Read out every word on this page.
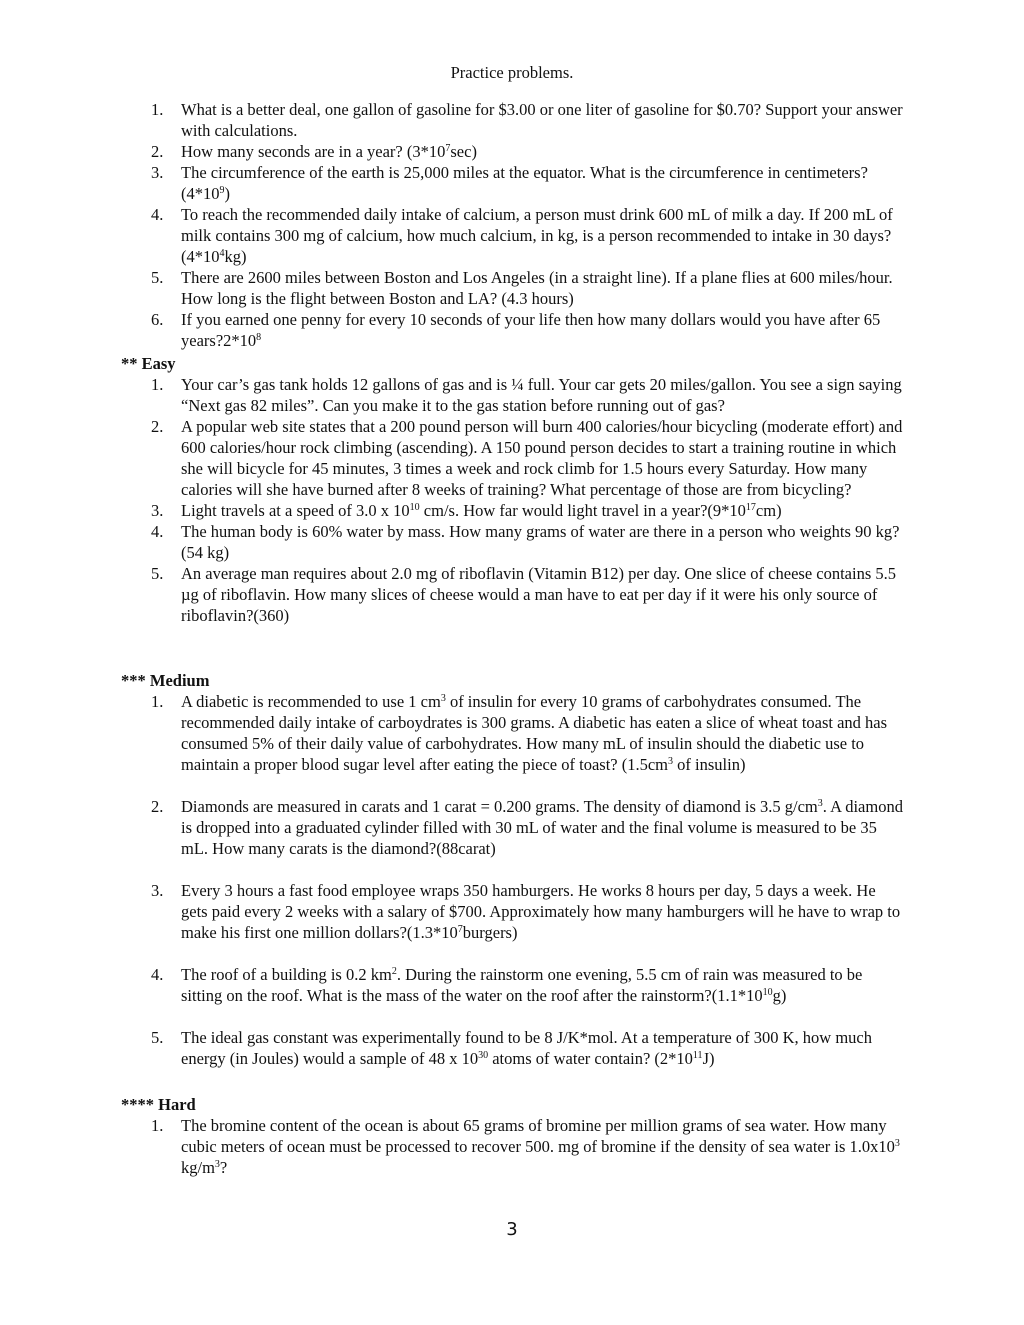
Practice problems.
1. What is a better deal, one gallon of gasoline for $3.00 or one liter of gasoline for $0.70? Support your answer with calculations.
2. How many seconds are in a year? $(3*10^7\sec)$
3. The circumference of the earth is 25,000 miles at the equator. What is the circumference in centimeters? $(4*10^9)$
4. To reach the recommended daily intake of calcium, a person must drink 600 mL of milk a day. If 200 mL of milk contains 300 mg of calcium, how much calcium, in kg, is a person recommended to intake in 30 days? $(4*10^4kg)$
5. There are 2600 miles between Boston and Los Angeles (in a straight line). If a plane flies at 600 miles/hour. How long is the flight between Boston and LA? (4.3 hours)
6. If you earned one penny for every 10 seconds of your life then how many dollars would you have after 65 $years?2*10^8$
** Easy
1. Your car’s gas tank holds 12 gallons of gas and is ¼ full. Your car gets 20 miles/gallon. You see a sign saying “Next gas 82 miles”. Can you make it to the gas station before running out of gas?
2. A popular web site states that a 200 pound person will burn 400 calories/hour bicycling (moderate effort) and 600 calories/hour rock climbing (ascending). A 150 pound person decides to start a training routine in which she will bicycle for 45 minutes, 3 times a week and rock climb for 1.5 hours every Saturday. How many calories will she have burned after 8 weeks of training? What percentage of those are from bicycling?
3. Light travels at a speed of 3.0 x $10^{10}$ cm/s. How far would light travel in a $year?(9*10^{17}cm)$
4. The human body is 60% water by mass. How many grams of water are there in a person who weights 90 kg? (54 kg)
5. An average man requires about 2.0 mg of riboflavin (Vitamin B12) per day. One slice of cheese contains 5.5 µg of riboflavin. How many slices of cheese would a man have to eat per day if it were his only source of riboflavin?(360)
*** Medium
1. A diabetic is recommended to use 1 $cm^3$ of insulin for every 10 grams of carbohydrates consumed. The recommended daily intake of carboydrates is 300 grams. A diabetic has eaten a slice of wheat toast and has consumed 5% of their daily value of carbohydrates. How many mL of insulin should the diabetic use to maintain a proper blood sugar level after eating the piece of toast? ($1.5cm^3$ of insulin)
2. Diamonds are measured in carats and 1 carat = 0.200 grams. The density of diamond is 3.5 $g/cm^3$. A diamond is dropped into a graduated cylinder filled with 30 mL of water and the final volume is measured to be 35 mL. How many carats is the diamond?(88carat)
3. Every 3 hours a fast food employee wraps 350 hamburgers. He works 8 hours per day, 5 days a week. He gets paid every 2 weeks with a salary of $700. Approximately how many hamburgers will he have to wrap to make his first one million $dollars?(1.3*10^7burgers)$
4. The roof of a building is 0.2 $km^2$. During the rainstorm one evening, 5.5 cm of rain was measured to be sitting on the roof. What is the mass of the water on the roof after the $rainstorm?(1.1*10^{10}g)$
5. The ideal gas constant was experimentally found to be 8 J/K*mol. At a temperature of 300 K, how much energy (in Joules) would a sample of 48 x $10^{30}$ atoms of water contain? $(2*10^{11}J)$
**** Hard
1. The bromine content of the ocean is about 65 grams of bromine per million grams of sea water. How many cubic meters of ocean must be processed to recover 500. mg of bromine if the density of sea water is $1.0x10^3$ $kg/m^3$?
3
